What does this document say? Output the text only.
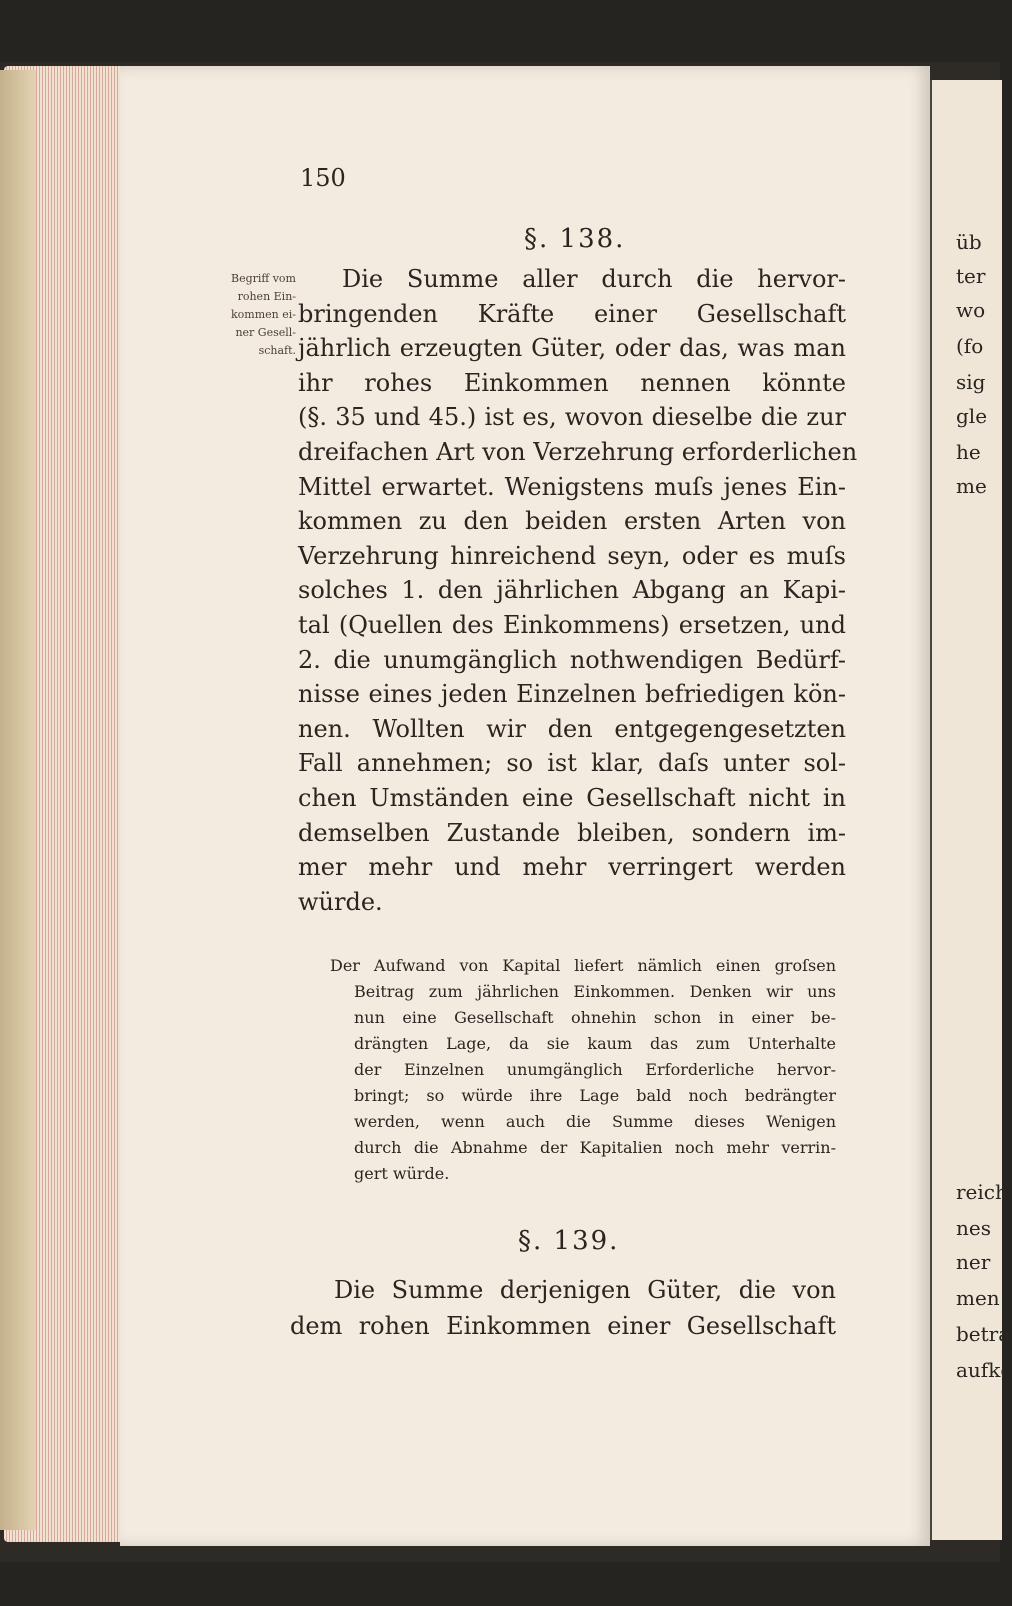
üb
ter
wo
(fo
sig
gle
he
me
reich
nes
ner
men
betra
aufke
150
§. 138.
Begriff vom
rohen Ein-
kommen ei-
ner Gesell-
schaft.
Die Summe aller durch die hervor-
bringenden Kräfte einer Gesellschaft
jährlich erzeugten Güter, oder das, was man
ihr rohes Einkommen nennen könnte
(§. 35 und 45.) ist es, wovon dieselbe die zur
dreifachen Art von Verzehrung erforderlichen
Mittel erwartet. Wenigstens muſs jenes Ein-
kommen zu den beiden ersten Arten von
Verzehrung hinreichend seyn, oder es muſs
solches 1. den jährlichen Abgang an Kapi-
tal (Quellen des Einkommens) ersetzen, und
2. die unumgänglich nothwendigen Bedürf-
nisse eines jeden Einzelnen befriedigen kön-
nen. Wollten wir den entgegengesetzten
Fall annehmen; so ist klar, daſs unter sol-
chen Umständen eine Gesellschaft nicht in
demselben Zustande bleiben, sondern im-
mer mehr und mehr verringert werden
würde.
Der Aufwand von Kapital liefert nämlich einen groſsen
Beitrag zum jährlichen Einkommen. Denken wir uns
nun eine Gesellschaft ohnehin schon in einer be-
drängten Lage, da sie kaum das zum Unterhalte
der Einzelnen unumgänglich Erforderliche hervor-
bringt; so würde ihre Lage bald noch bedrängter
werden, wenn auch die Summe dieses Wenigen
durch die Abnahme der Kapitalien noch mehr verrin-
gert würde.
§. 139.
Die Summe derjenigen Güter, die von
dem rohen Einkommen einer Gesellschaft
